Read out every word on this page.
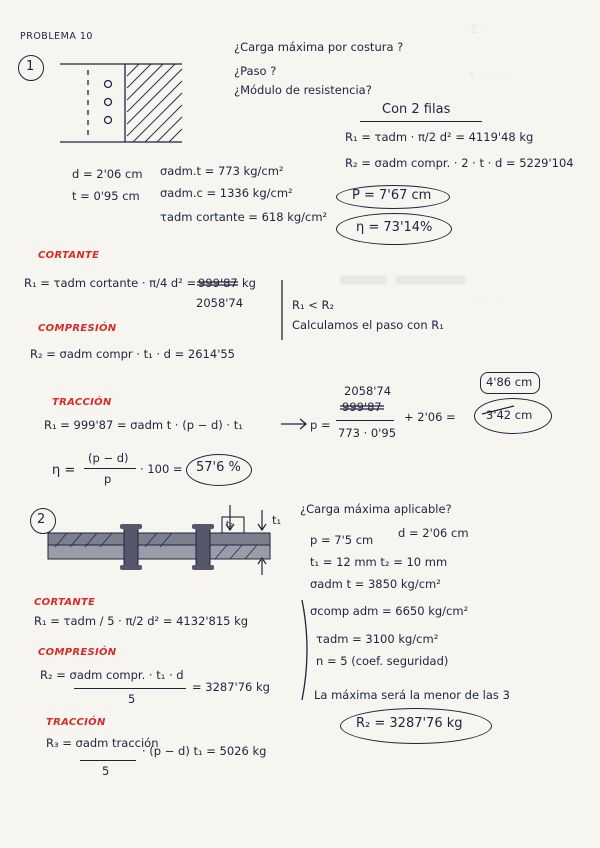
Σ · · · · ·
τ · · · · ·
▂▂ ▂▂▂
· · · · ·
· · · ·
PROBLEMA 10
1
¿Carga máxima por costura ?
¿Paso ?
¿Módulo de resistencia?
Con 2 filas
R₁ = τadm · π/2 d² = 4119'48 kg
R₂ = σadm compr. · 2 · t · d = 5229'104
P = 7'67 cm
η = 73'14%
d = 2'06 cm
t = 0'95 cm
σadm.t = 773 kg/cm²
σadm.c = 1336 kg/cm²
τadm cortante = 618 kg/cm²
CORTANTE
R₁ = τadm cortante · π/4 d² = 999'87 kg
2058'74	R₁ < R₂
Calculamos el paso con R₁
COMPRESIÓN
R₂ = σadm compr · t₁ · d = 2614'55
TRACCIÓN
R₁ = 999'87 = σadm t · (p − d) · t₁	p =
2058'74
999'87
773 · 0'95
+ 2'06 =	3'42 cm
4'86 cm
η =
(p − d)
p
· 100 = 57'6 %
2	t₂	t₁
¿Carga máxima aplicable?
p = 7'5 cm d = 2'06 cm
t₁ = 12 mm t₂ = 10 mm
σadm t = 3850 kg/cm²
σcomp adm = 6650 kg/cm²
τadm = 3100 kg/cm²
n = 5 (coef. seguridad)
La máxima será la menor de las 3
R₂ = 3287'76 kg
CORTANTE
R₁ = τadm / 5 · π/2 d² = 4132'815 kg
COMPRESIÓN
R₂ = σadm compr. · t₁ · d
5
= 3287'76 kg
TRACCIÓN
R₃ = σadm tracción
5
· (p − d) t₁ = 5026 kg
